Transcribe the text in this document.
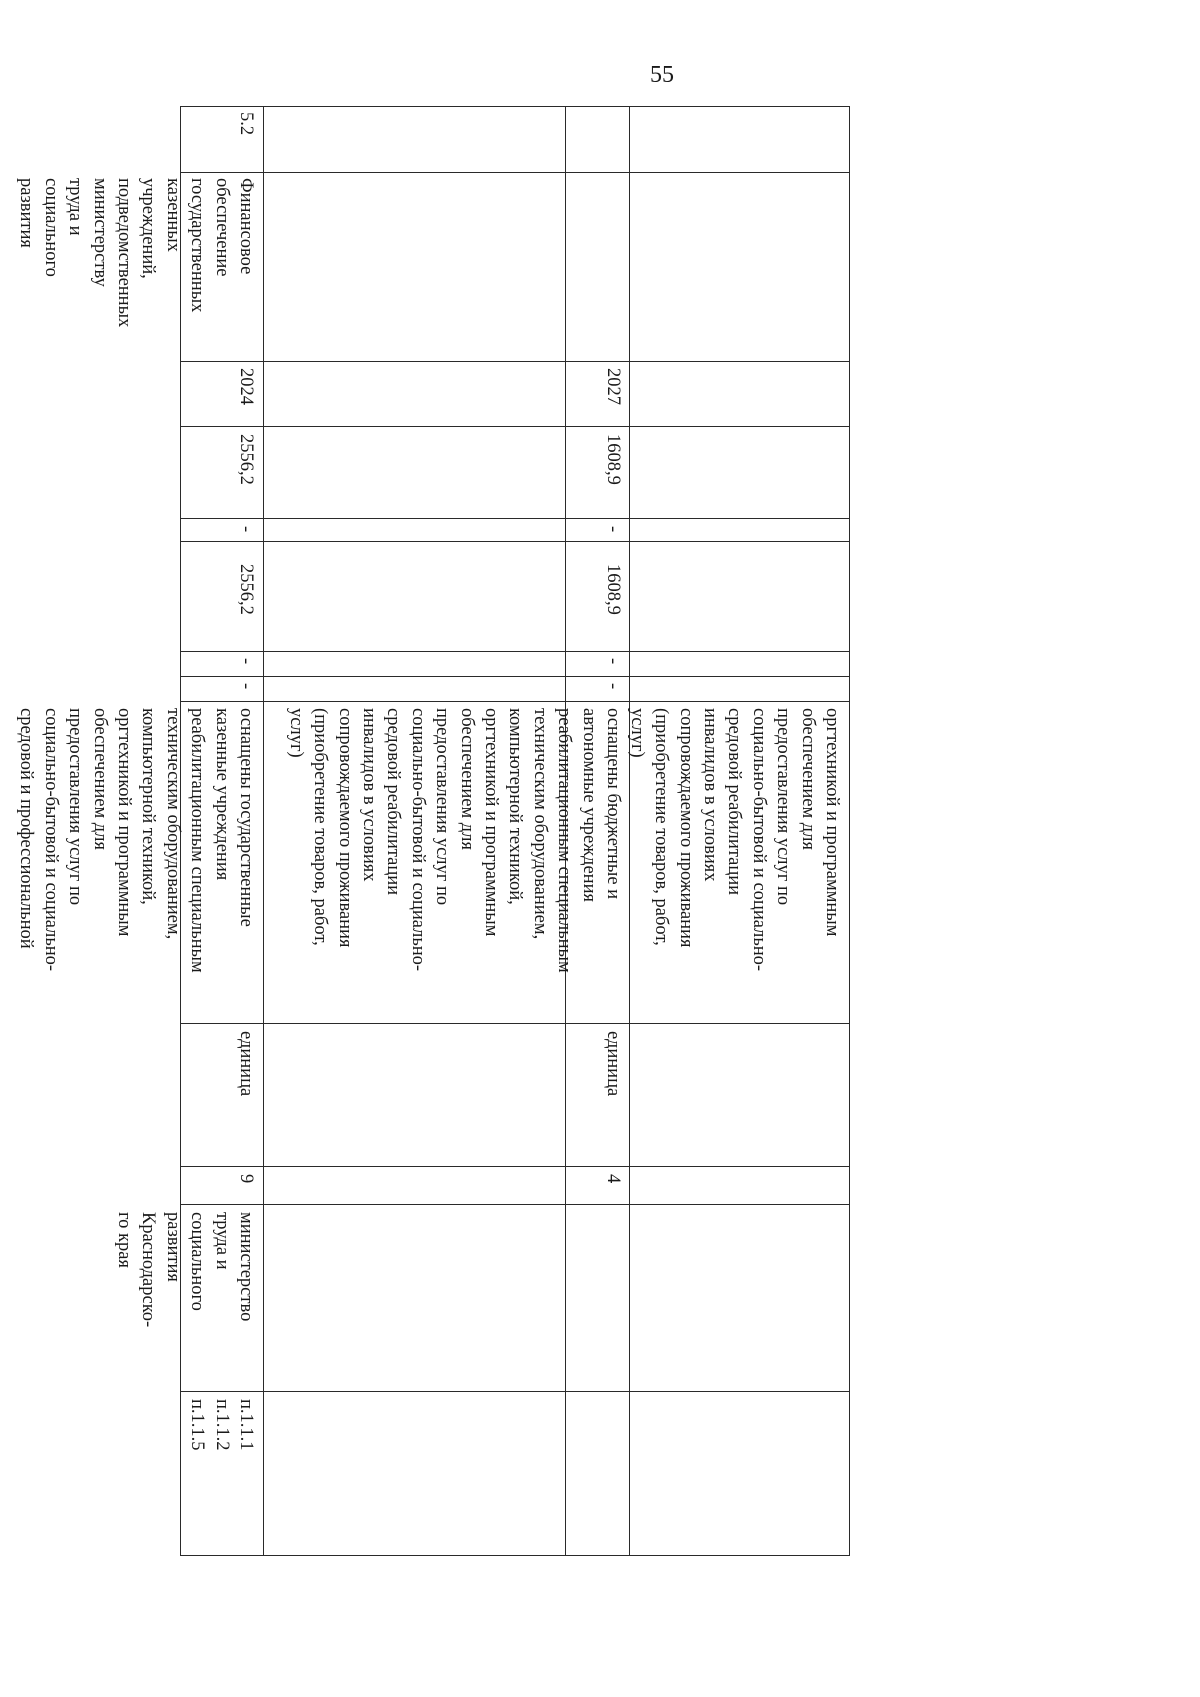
55
оргтехникой и программным
обеспечением для
предоставления услуг по
социально-бытовой и социально-
средовой реабилитации
инвалидов в условиях
сопровождаемого проживания
(приобретение товаров, работ,
услуг)
2027
1608,9
-
1608,9
-
-
оснащены бюджетные и
автономные учреждения
реабилитационным специальным
техническим оборудованием,
компьютерной техникой,
оргтехникой и программным
обеспечением для
предоставления услуг по
социально-бытовой и социально-
средовой реабилитации
инвалидов в условиях
сопровождаемого проживания
(приобретение товаров, работ,
услуг)
единица
4
5.2
2024
2556,2
-
2556,2
-
-
единица
9
Финансовое
обеспечение
государственных
казенных
учреждений,
подведомственных
министерству
труда и
социального
развития
оснащены государственные
казенные учреждения
реабилитационным специальным
техническим оборудованием,
компьютерной техникой,
оргтехникой и программным
обеспечением для
предоставления услуг по
социально-бытовой и социально-
средовой и профессиональной
министерство
труда и
социального
развития
Краснодарско-
го края
п.1.1.1
п.1.1.2
п.1.1.5
